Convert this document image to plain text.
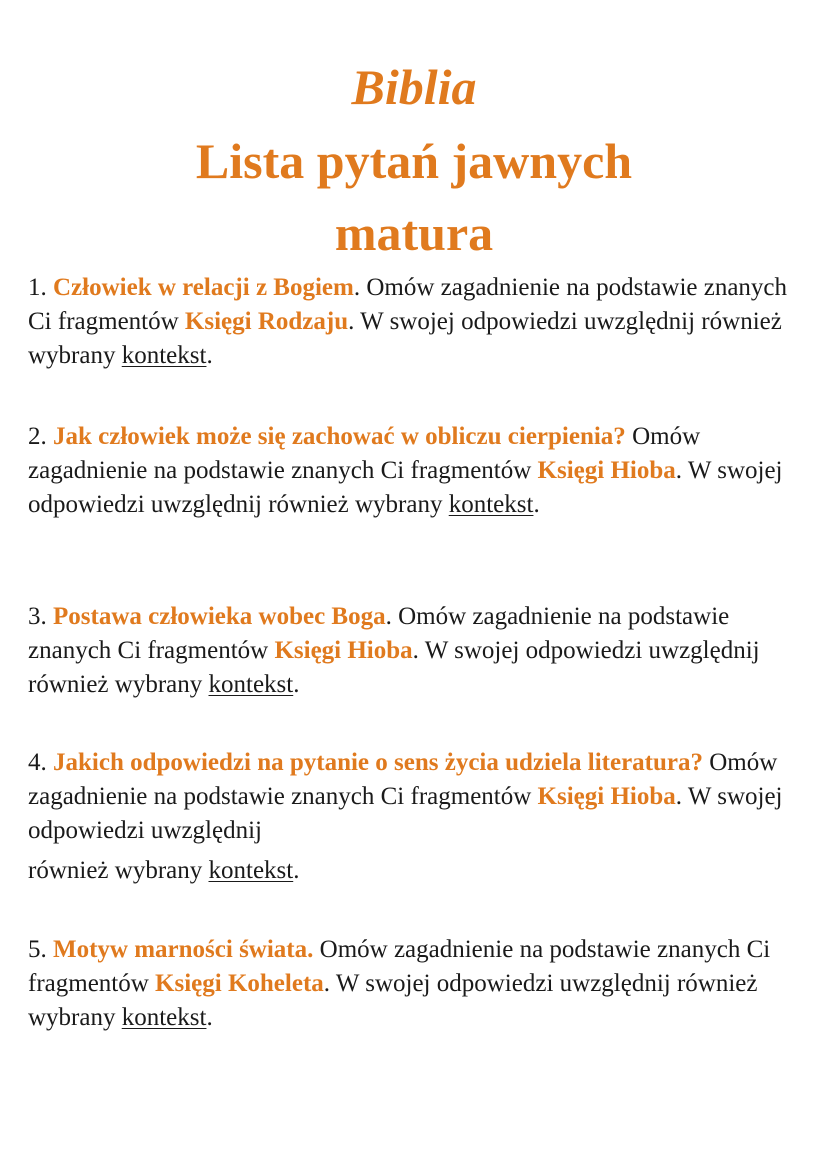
Biblia
Lista pytań jawnych
matura

1. Człowiek w relacji z Bogiem. Omów zagadnienie na podstawie znanych Ci fragmentów Księgi Rodzaju. W swojej odpowiedzi uwzględnij również wybrany kontekst.

2. Jak człowiek może się zachować w obliczu cierpienia? Omów zagadnienie na podstawie znanych Ci fragmentów Księgi Hioba. W swojej odpowiedzi uwzględnij również wybrany kontekst.

3. Postawa człowieka wobec Boga. Omów zagadnienie na podstawie znanych Ci fragmentów Księgi Hioba. W swojej odpowiedzi uwzględnij również wybrany kontekst.

4. Jakich odpowiedzi na pytanie o sens życia udziela literatura? Omów zagadnienie na podstawie znanych Ci fragmentów Księgi Hioba. W swojej odpowiedzi uwzględnij
również wybrany kontekst.

5. Motyw marności świata. Omów zagadnienie na podstawie znanych Ci fragmentów Księgi Koheleta. W swojej odpowiedzi uwzględnij również wybrany kontekst.
